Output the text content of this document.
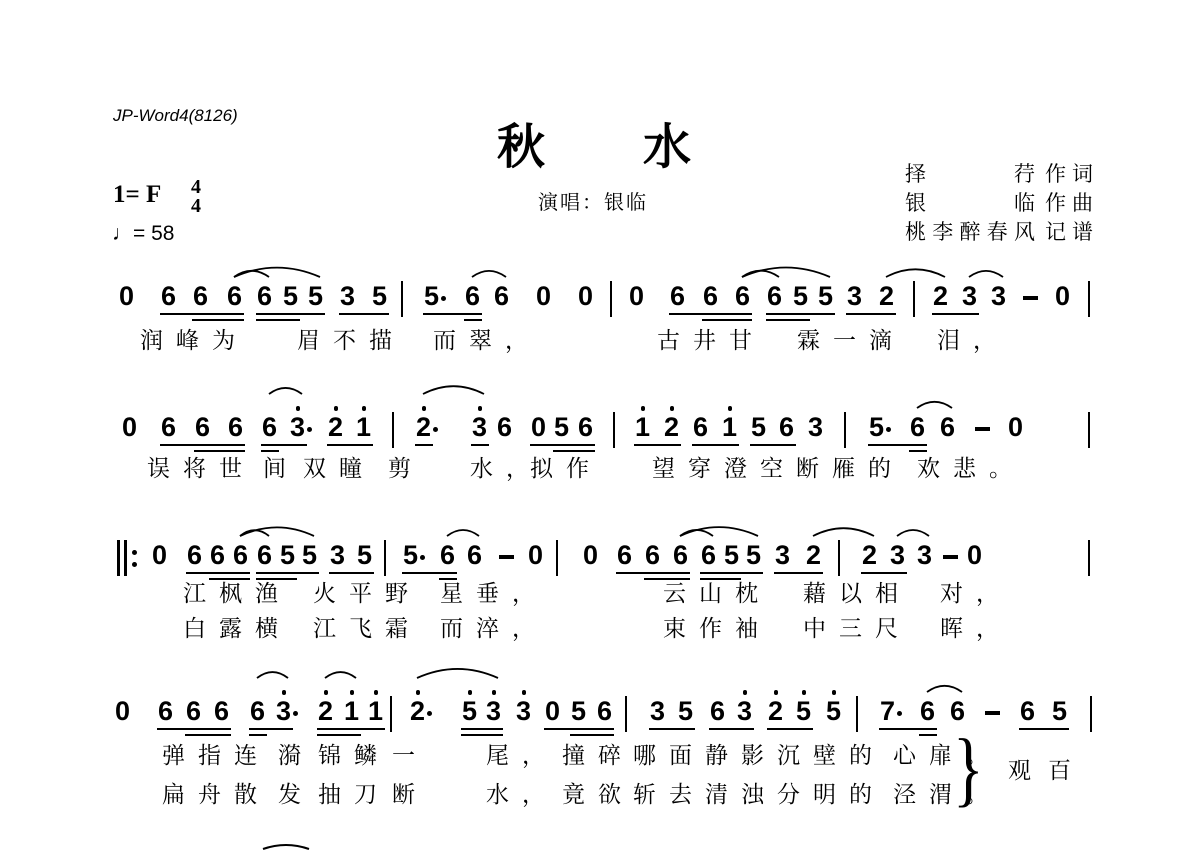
JP-Word4(8126)
秋水
演唱：银临
1= F 4
4
♩= 58
择	荇 作词
银	临 作曲
桃 李 醉 春 风 记谱
0 6 6 6 6 5 5 3 5 5 6 6 0 0 0 6 6 6 6 5 5 3 2 2 3 3 0
润峰为 眉不描 而翠，	古井甘 霖一滴 泪，
0 6 6 6 6 3 2 1 2 3 6 0 5 6 1 2 6 1 5 6 3 5 6 6 0
误将世 间 双瞳 剪 水，
拟作 望穿澄空断雁的 欢悲。
0 6 6 6 6 5 5 3 5 5 6 6 0 0 6 6 6 6 5 5 3 2 2 3 3 0
江枫渔 火平野 星垂，	云山枕 藉以相 对，
白露横 江飞霜 而淬，	束作袖 中三尺 晖，
0 6 6 6 6 3 2 1 1 2 5 3 3 0 5 6 3 5 6 3 2 5 5 7 6 6 6 5
弹指连 漪 锦鳞 一	尾， 撞碎 哪面静影沉壁的 心扉。
扁舟散 发 抽刀 断	水， 竟欲 斩去清浊分明的 泾渭。
} 观百
